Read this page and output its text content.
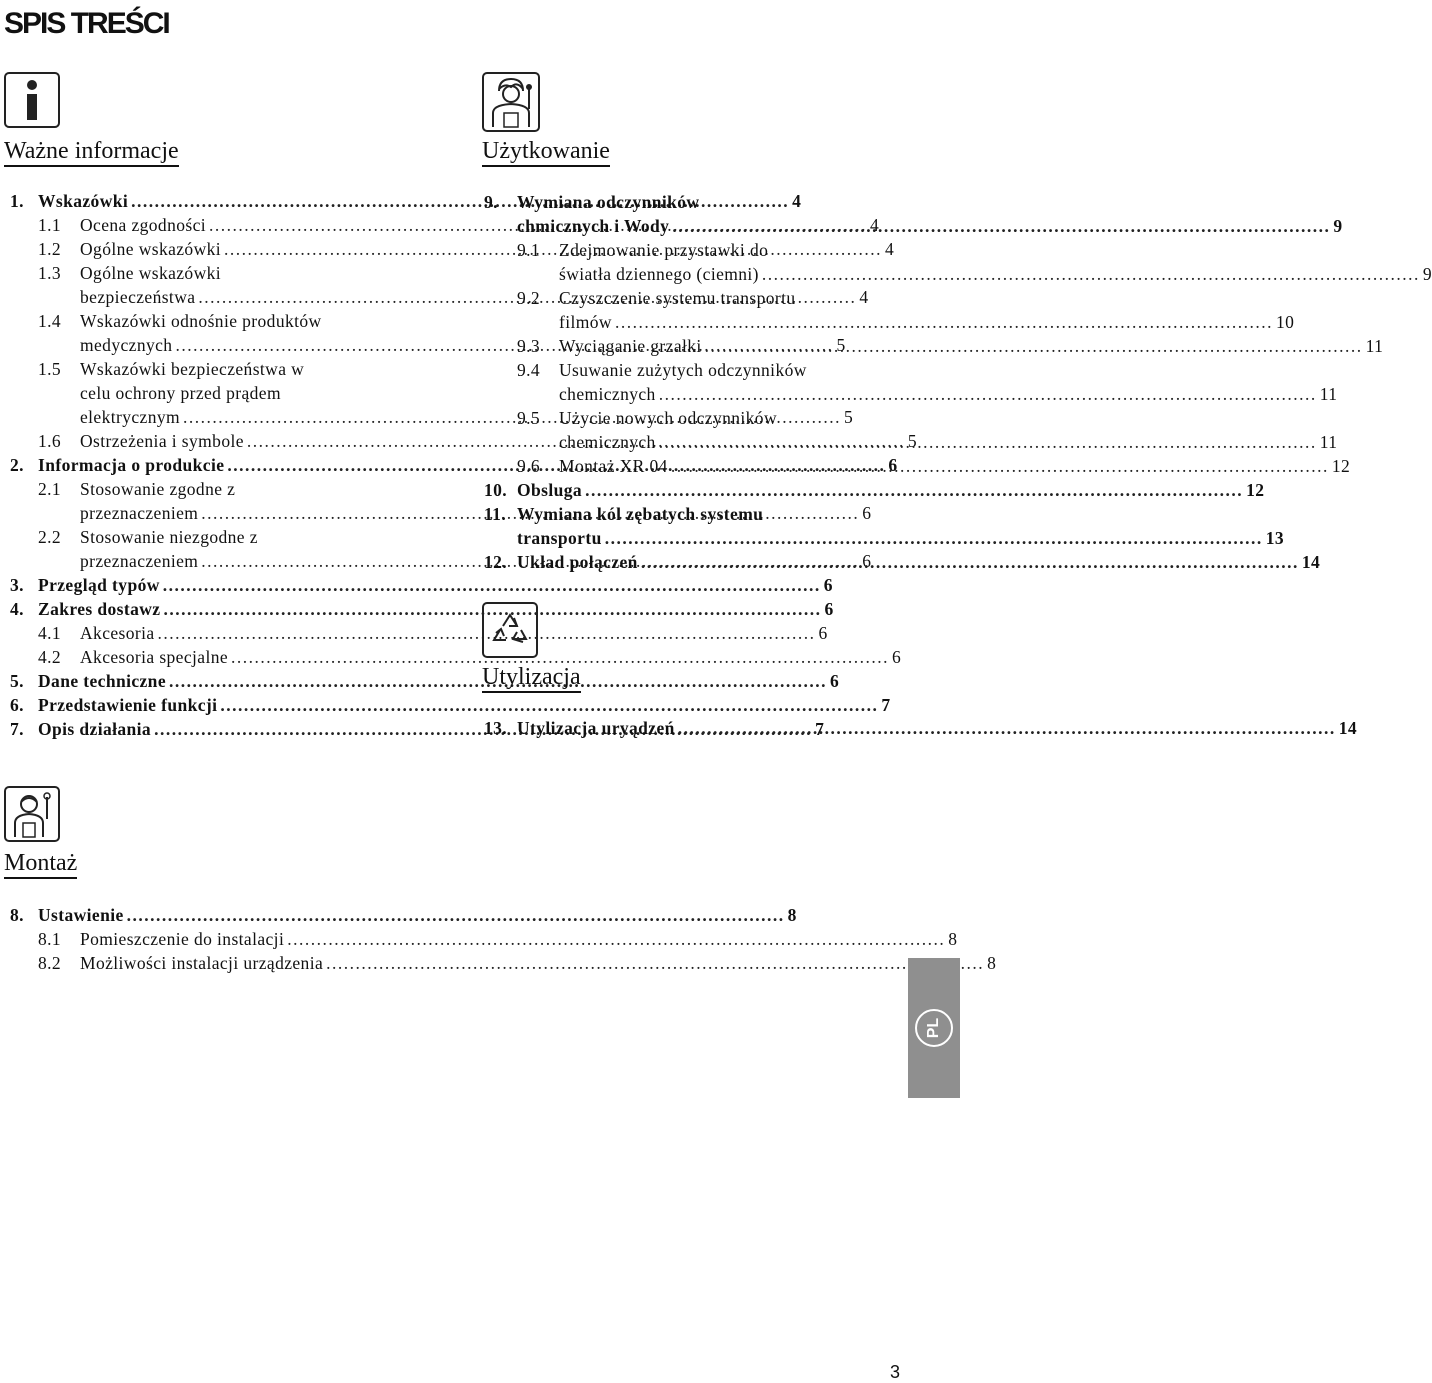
SPIS TREŚCI
Ważne informacje
1. Wskazówki .....	4
1.1	Ocena zgodności .....	4
1.2	Ogólne wskazówki .....	4
1.3	Ogólne wskazówki
bezpieczeństwa .....	4
1.4	Wskazówki odnośnie produktów
medycznych .....	5
1.5	Wskazówki bezpieczeństwa w
celu ochrony przed prądem
elektrycznym .....	5
1.6	Ostrzeżenia i symbole .....	5
2. Informacja o produkcie .....	6
2.1	Stosowanie zgodne z
przeznaczeniem .....	6
2.2	Stosowanie niezgodne z
przeznaczeniem .....	6
3. Przegląd typów .....	6
4. Zakres dostawz .....	6
4.1	Akcesoria .....	6
4.2	Akcesoria specjalne .....	6
5. Dane techniczne .....	6
6. Przedstawienie funkcji .....	7
7. Opis działania .....	7
Montaż
8. Ustawienie .....	8
8.1	Pomieszczenie do instalacji .....	8
8.2	Możliwości instalacji urządzenia .....	8
Użytkowanie
9.	Wymiana odczynników
chmicznych i Wody .....	9
9.1	Zdejmowanie przystawki do
światła dziennego (ciemni) .....	9
9.2	Czyszczenie systemu transportu
filmów .....	10
9.3	Wyciąganie grzałki .....	11
9.4	Usuwanie zużytych odczynników
chemicznych .....	11
9.5	Użycie nowych odczynników
chemicznych .....	11
9.6	Montaż XR 04 .....	12
10. Obsluga .....	12
11. Wymiana kól zębatych systemu
transportu .....	13
12. Układ połączeń .....	14
Utylizacja
13. Utylizacja uryądzeń .....	14
PL
3
